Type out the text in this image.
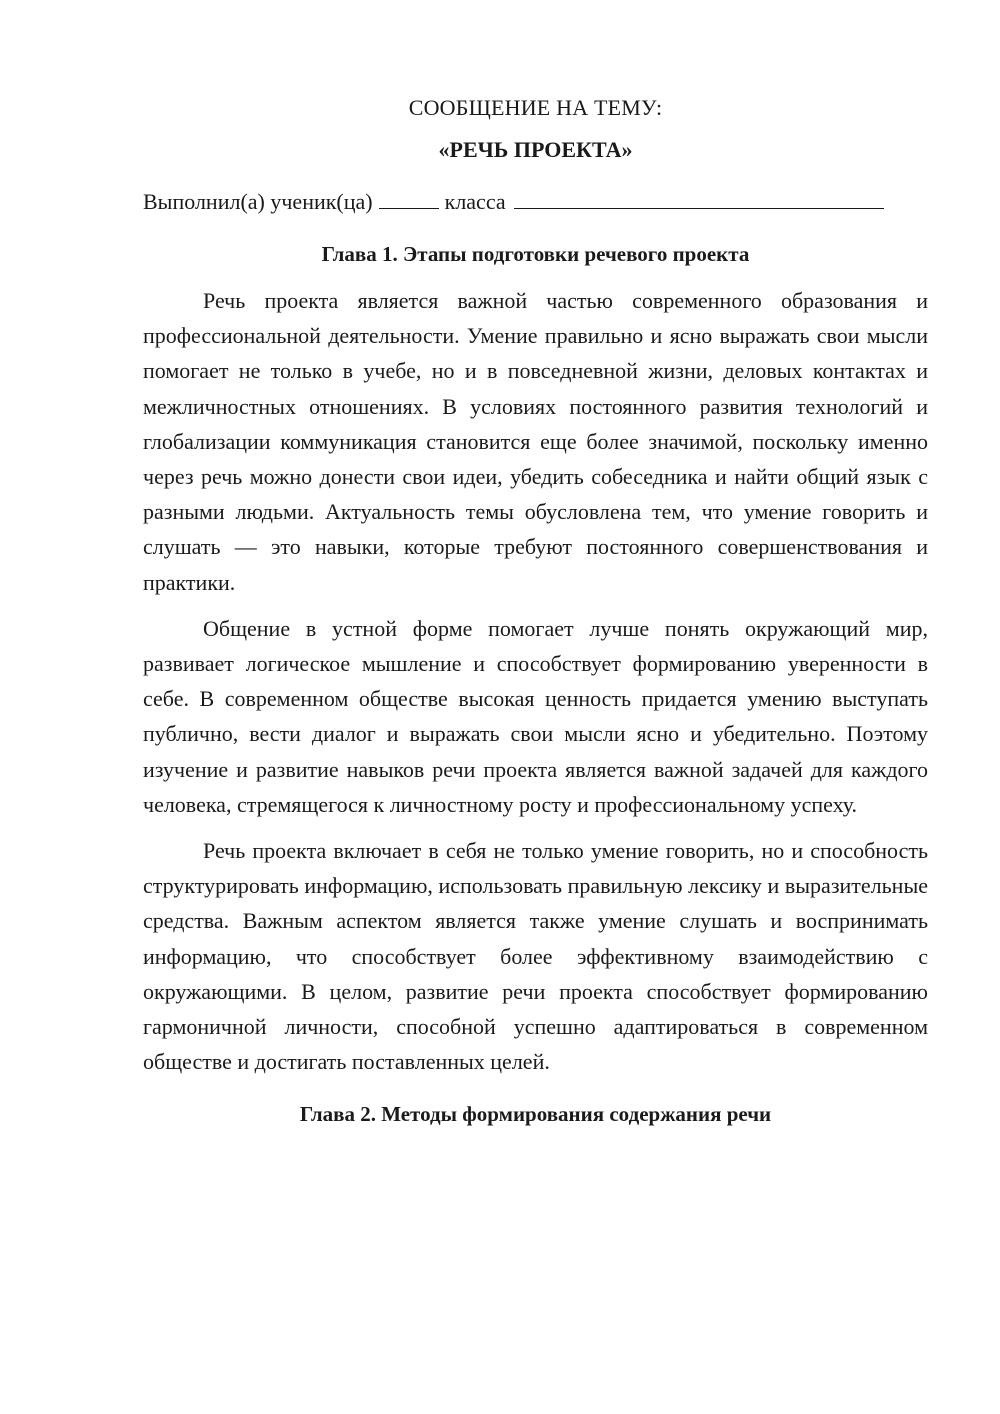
СООБЩЕНИЕ НА ТЕМУ:

«РЕЧЬ ПРОЕКТА»

Выполнил(а) ученик(ца)	класса

Глава 1. Этапы подготовки речевого проекта

Речь проекта является важной частью современного образования и профессиональной деятельности. Умение правильно и ясно выражать свои мысли помогает не только в учебе, но и в повседневной жизни, деловых контактах и межличностных отношениях. В условиях постоянного развития технологий и глобализации коммуникация становится еще более значимой, поскольку именно через речь можно донести свои идеи, убедить собеседника и найти общий язык с разными людьми. Актуальность темы обусловлена тем, что умение говорить и слушать — это навыки, которые требуют постоянного совершенствования и практики.

Общение в устной форме помогает лучше понять окружающий мир, развивает логическое мышление и способствует формированию уверенности в себе. В современном обществе высокая ценность придается умению выступать публично, вести диалог и выражать свои мысли ясно и убедительно. Поэтому изучение и развитие навыков речи проекта является важной задачей для каждого человека, стремящегося к личностному росту и профессиональному успеху.

Речь проекта включает в себя не только умение говорить, но и способность структурировать информацию, использовать правильную лексику и выразительные средства. Важным аспектом является также умение слушать и воспринимать информацию, что способствует более эффективному взаимодействию с окружающими. В целом, развитие речи проекта способствует формированию гармоничной личности, способной успешно адаптироваться в современном обществе и достигать поставленных целей.

Глава 2. Методы формирования содержания речи
